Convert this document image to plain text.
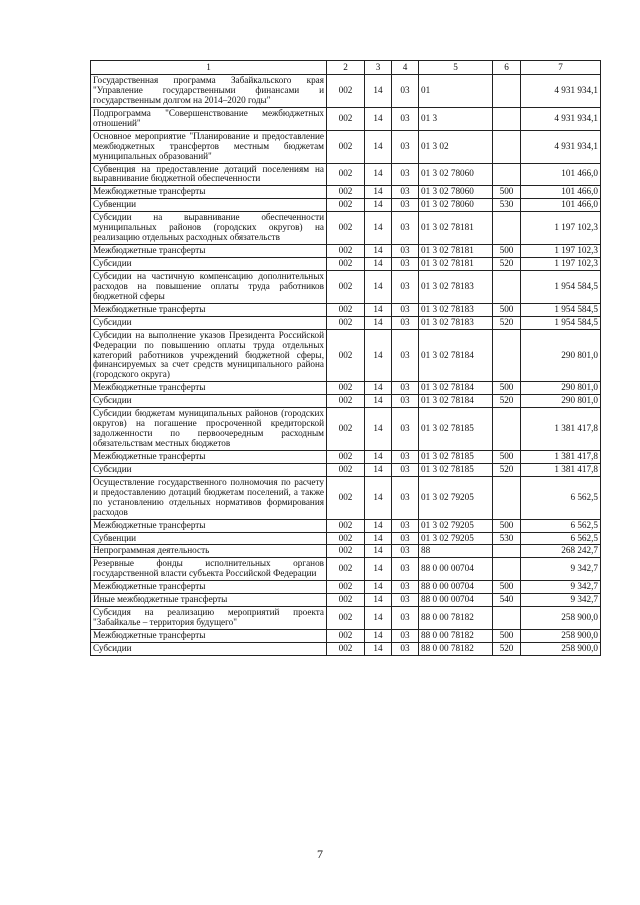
1	2	3	4	5	6	7
Государственная программа Забайкальского края "Управление государственными финансами и государственным долгом на 2014–2020 годы"	002	14	03	01		4 931 934,1
Подпрограмма "Совершенствование межбюджетных отношений"	002	14	03	01 3		4 931 934,1
Основное мероприятие "Планирование и предоставление межбюджетных трансфертов местным бюджетам муниципальных образований"	002	14	03	01 3 02		4 931 934,1
Субвенция на предоставление дотаций поселениям на выравнивание бюджетной обеспеченности	002	14	03	01 3 02 78060		101 466,0
Межбюджетные трансферты	002	14	03	01 3 02 78060	500	101 466,0
Субвенции	002	14	03	01 3 02 78060	530	101 466,0
Субсидии на выравнивание обеспеченности муниципальных районов (городских округов) на реализацию отдельных расходных обязательств	002	14	03	01 3 02 78181		1 197 102,3
Межбюджетные трансферты	002	14	03	01 3 02 78181	500	1 197 102,3
Субсидии	002	14	03	01 3 02 78181	520	1 197 102,3
Субсидии на частичную компенсацию дополнительных расходов на повышение оплаты труда работников бюджетной сферы	002	14	03	01 3 02 78183		1 954 584,5
Межбюджетные трансферты	002	14	03	01 3 02 78183	500	1 954 584,5
Субсидии	002	14	03	01 3 02 78183	520	1 954 584,5
Субсидии на выполнение указов Президента Российской Федерации по повышению оплаты труда отдельных категорий работников учреждений бюджетной сферы, финансируемых за счет средств муниципального района (городского округа)	002	14	03	01 3 02 78184		290 801,0
Межбюджетные трансферты	002	14	03	01 3 02 78184	500	290 801,0
Субсидии	002	14	03	01 3 02 78184	520	290 801,0
Субсидии бюджетам муниципальных районов (городских округов) на погашение просроченной кредиторской задолженности по первоочередным расходным обязательствам местных бюджетов	002	14	03	01 3 02 78185		1 381 417,8
Межбюджетные трансферты	002	14	03	01 3 02 78185	500	1 381 417,8
Субсидии	002	14	03	01 3 02 78185	520	1 381 417,8
Осуществление государственного полномочия по расчету и предоставлению дотаций бюджетам поселений, а также по установлению отдельных нормативов формирования расходов	002	14	03	01 3 02 79205		6 562,5
Межбюджетные трансферты	002	14	03	01 3 02 79205	500	6 562,5
Субвенции	002	14	03	01 3 02 79205	530	6 562,5
Непрограммная деятельность	002	14	03	88		268 242,7
Резервные фонды исполнительных органов государственной власти субъекта Российской Федерации	002	14	03	88 0 00 00704		9 342,7
Межбюджетные трансферты	002	14	03	88 0 00 00704	500	9 342,7
Иные межбюджетные трансферты	002	14	03	88 0 00 00704	540	9 342,7
Субсидия на реализацию мероприятий проекта "Забайкалье – территория будущего"	002	14	03	88 0 00 78182		258 900,0
Межбюджетные трансферты	002	14	03	88 0 00 78182	500	258 900,0
Субсидии	002	14	03	88 0 00 78182	520	258 900,0
7
